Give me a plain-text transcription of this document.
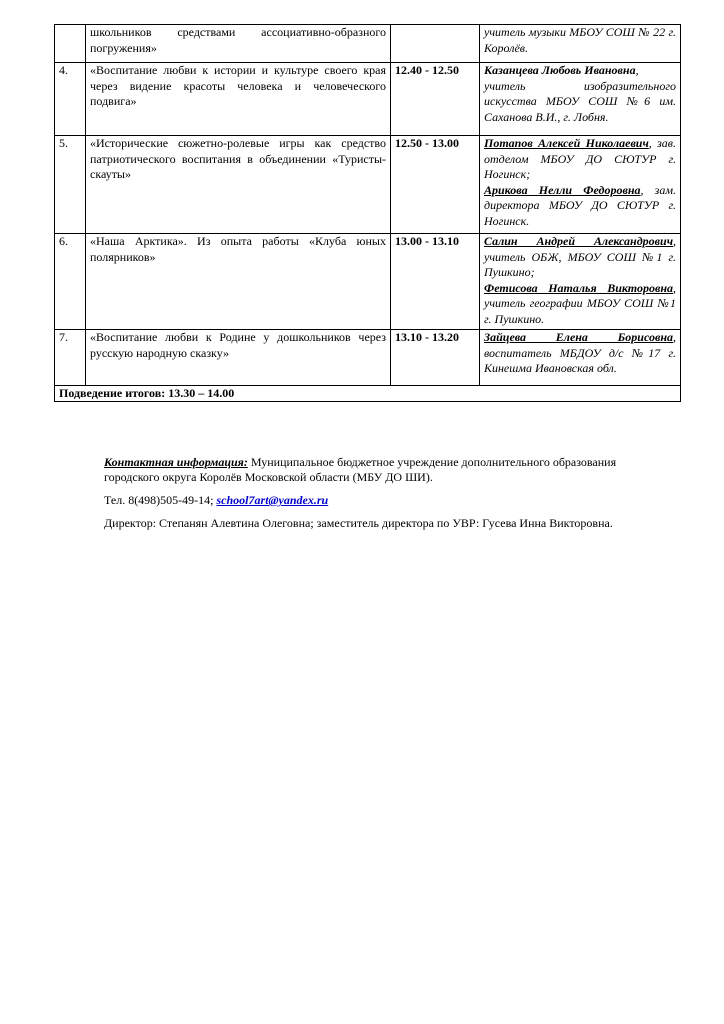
	школьников средствами ассоциативно-образного погружения»		учитель музыки МБОУ СОШ № 22 г. Королёв.

4.	«Воспитание любви к истории и культуре своего края через видение красоты человека и человеческого подвига»	12.40 - 12.50	Казанцева Любовь Ивановна,
учитель изобразительного искусства МБОУ СОШ №6 им. Сахановa В.И., г. Лобня.

5.	«Исторические сюжетно-ролевые игры как средство патриотического воспитания в объединении «Туристы-скауты»	12.50 - 13.00	Потапов Алексей Николаевич, зав. отделом МБОУ ДО СЮТУР г. Ногинск;
Арикова Нелли Федоровна, зам. директора МБОУ ДО СЮТУР г. Ногинск.
6.	«Наша Арктика». Из опыта работы «Клуба юных полярников»	13.00 - 13.10	Салин Андрей Александрович, учитель ОБЖ, МБОУ СОШ №1 г. Пушкино;
Фетисова Наталья Викторовна, учитель географии МБОУ СОШ №1 г. Пушкино.
7.	«Воспитание любви к Родине у дошкольников через русскую народную сказку»	13.10 - 13.20	Зайцева Елена Борисовна, воспитатель МБДОУ д/с №17 г. Кинешма Ивановская обл.
Подведение итогов: 13.30 – 14.00			

Контактная информация: Муниципальное бюджетное учреждение дополнительного образования городского округа Королёв Московской области (МБУ ДО ШИ).

Тел. 8(498)505-49-14; school7art@yandex.ru

Директор: Степанян Алевтина Олеговна; заместитель директора по УВР: Гусева Инна Викторовна.
